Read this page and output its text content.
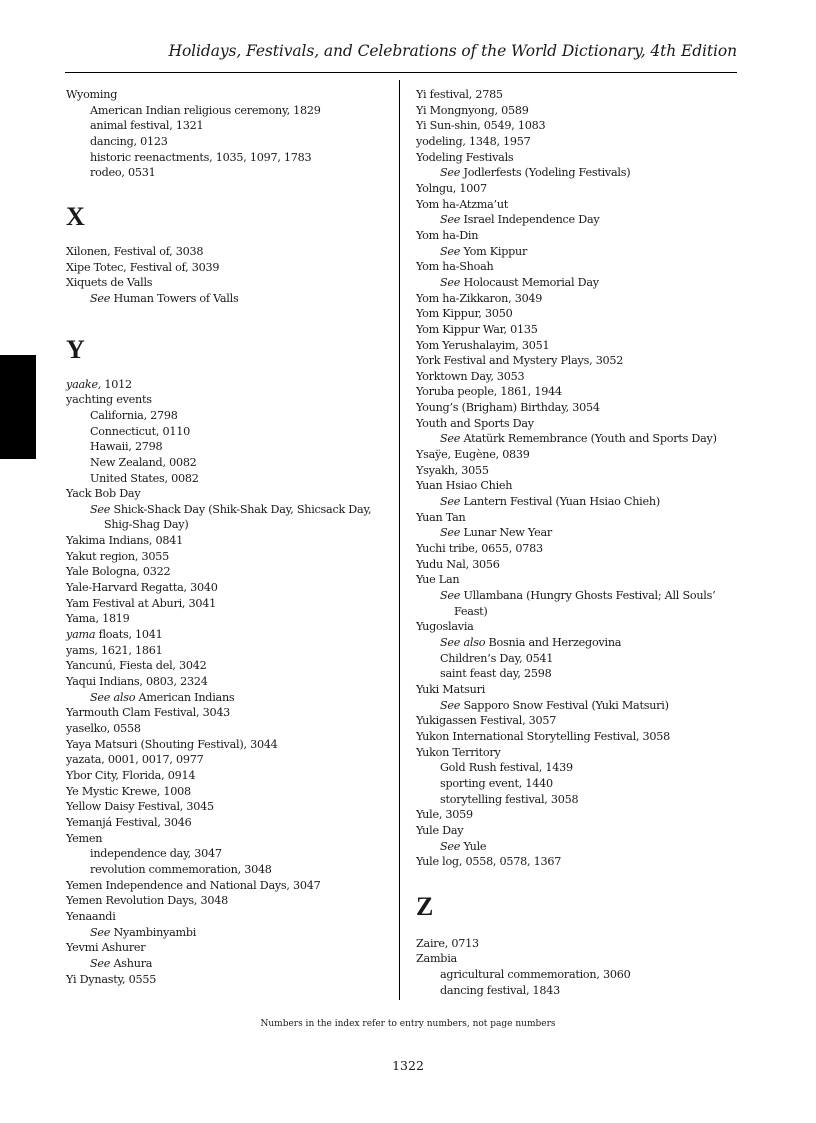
Holidays, Festivals, and Celebrations of the World Dictionary, 4th Edition
Wyoming
American Indian religious ceremony, 1829
animal festival, 1321
dancing, 0123
historic reenactments, 1035, 1097, 1783
rodeo, 0531
X
Xilonen, Festival of, 3038
Xipe Totec, Festival of, 3039
Xiquets de Valls
See Human Towers of Valls
Y
yaake, 1012
yachting events
California, 2798
Connecticut, 0110
Hawaii, 2798
New Zealand, 0082
United States, 0082
Yack Bob Day
See Shick-Shack Day (Shik-Shak Day, Shicsack Day,
Shig-Shag Day)
Yakima Indians, 0841
Yakut region, 3055
Yale Bologna, 0322
Yale-Harvard Regatta, 3040
Yam Festival at Aburi, 3041
Yama, 1819
yama floats, 1041
yams, 1621, 1861
Yancunú, Fiesta del, 3042
Yaqui Indians, 0803, 2324
See also American Indians
Yarmouth Clam Festival, 3043
yaselko, 0558
Yaya Matsuri (Shouting Festival), 3044
yazata, 0001, 0017, 0977
Ybor City, Florida, 0914
Ye Mystic Krewe, 1008
Yellow Daisy Festival, 3045
Yemanjá Festival, 3046
Yemen
independence day, 3047
revolution commemoration, 3048
Yemen Independence and National Days, 3047
Yemen Revolution Days, 3048
Yenaandi
See Nyambinyambi
Yevmi Ashurer
See Ashura
Yi Dynasty, 0555
Yi festival, 2785
Yi Mongnyong, 0589
Yi Sun-shin, 0549, 1083
yodeling, 1348, 1957
Yodeling Festivals
See Jodlerfests (Yodeling Festivals)
Yolngu, 1007
Yom ha-Atzma’ut
See Israel Independence Day
Yom ha-Din
See Yom Kippur
Yom ha-Shoah
See Holocaust Memorial Day
Yom ha-Zikkaron, 3049
Yom Kippur, 3050
Yom Kippur War, 0135
Yom Yerushalayim, 3051
York Festival and Mystery Plays, 3052
Yorktown Day, 3053
Yoruba people, 1861, 1944
Young’s (Brigham) Birthday, 3054
Youth and Sports Day
See Atatürk Remembrance (Youth and Sports Day)
Ysaÿe, Eugène, 0839
Ysyakh, 3055
Yuan Hsiao Chieh
See Lantern Festival (Yuan Hsiao Chieh)
Yuan Tan
See Lunar New Year
Yuchi tribe, 0655, 0783
Yudu Nal, 3056
Yue Lan
See Ullambana (Hungry Ghosts Festival; All Souls’
Feast)
Yugoslavia
See also Bosnia and Herzegovina
Children’s Day, 0541
saint feast day, 2598
Yuki Matsuri
See Sapporo Snow Festival (Yuki Matsuri)
Yukigassen Festival, 3057
Yukon International Storytelling Festival, 3058
Yukon Territory
Gold Rush festival, 1439
sporting event, 1440
storytelling festival, 3058
Yule, 3059
Yule Day
See Yule
Yule log, 0558, 0578, 1367
Z
Zaire, 0713
Zambia
agricultural commemoration, 3060
dancing festival, 1843
Numbers in the index refer to entry numbers, not page numbers
1322
